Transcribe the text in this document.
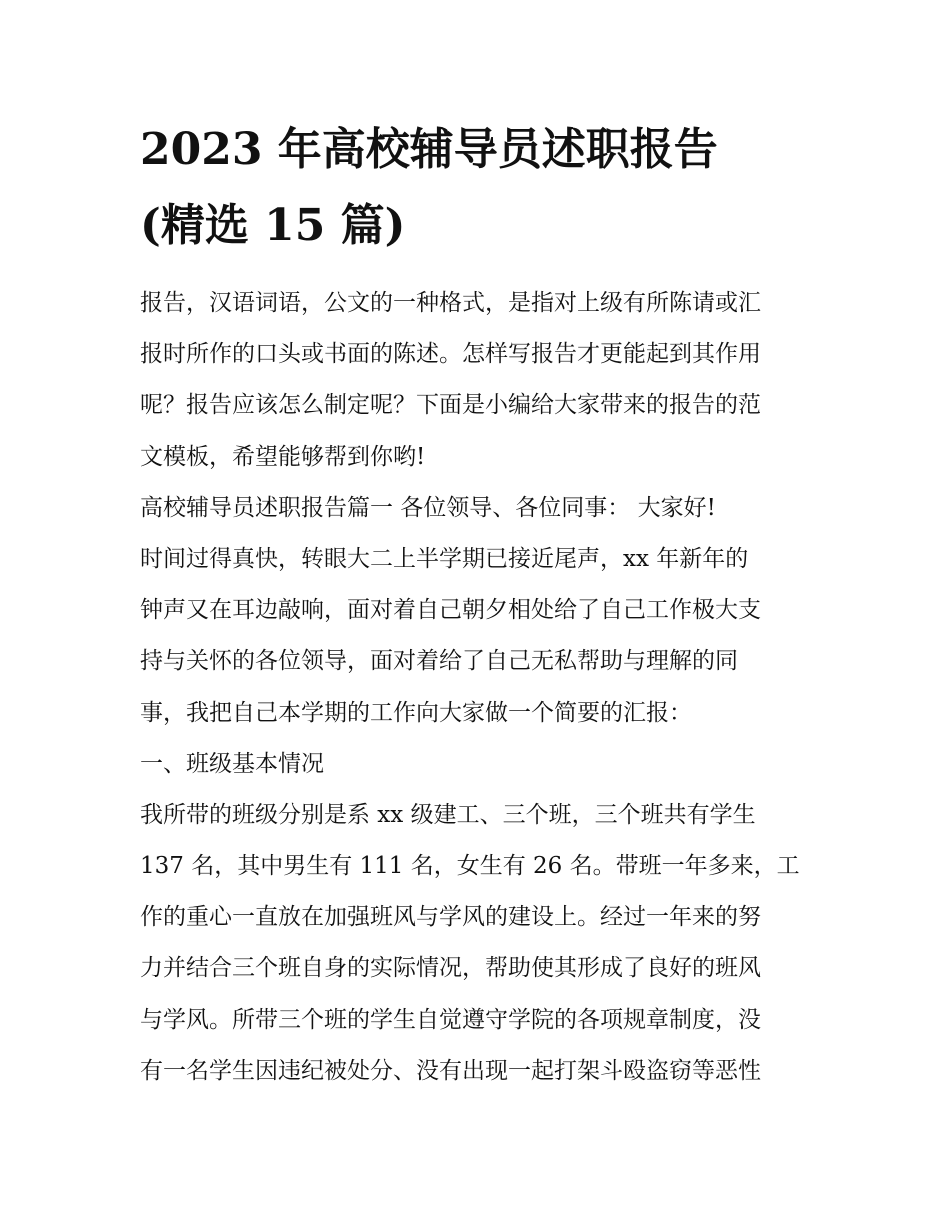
2023 年高校辅导员述职报告
(精选 15 篇)
报告，汉语词语，公文的一种格式，是指对上级有所陈请或汇
报时所作的口头或书面的陈述。怎样写报告才更能起到其作用
呢？报告应该怎么制定呢？下面是小编给大家带来的报告的范
文模板，希望能够帮到你哟!
高校辅导员述职报告篇一 各位领导、各位同事： 大家好!
时间过得真快，转眼大二上半学期已接近尾声，xx 年新年的
钟声又在耳边敲响，面对着自己朝夕相处给了自己工作极大支
持与关怀的各位领导，面对着给了自己无私帮助与理解的同
事，我把自己本学期的工作向大家做一个简要的汇报：
一、班级基本情况
我所带的班级分别是系 xx 级建工、三个班，三个班共有学生
137 名，其中男生有 111 名，女生有 26 名。带班一年多来，工
作的重心一直放在加强班风与学风的建设上。经过一年来的努
力并结合三个班自身的实际情况，帮助使其形成了良好的班风
与学风。所带三个班的学生自觉遵守学院的各项规章制度，没
有一名学生因违纪被处分、没有出现一起打架斗殴盗窃等恶性
